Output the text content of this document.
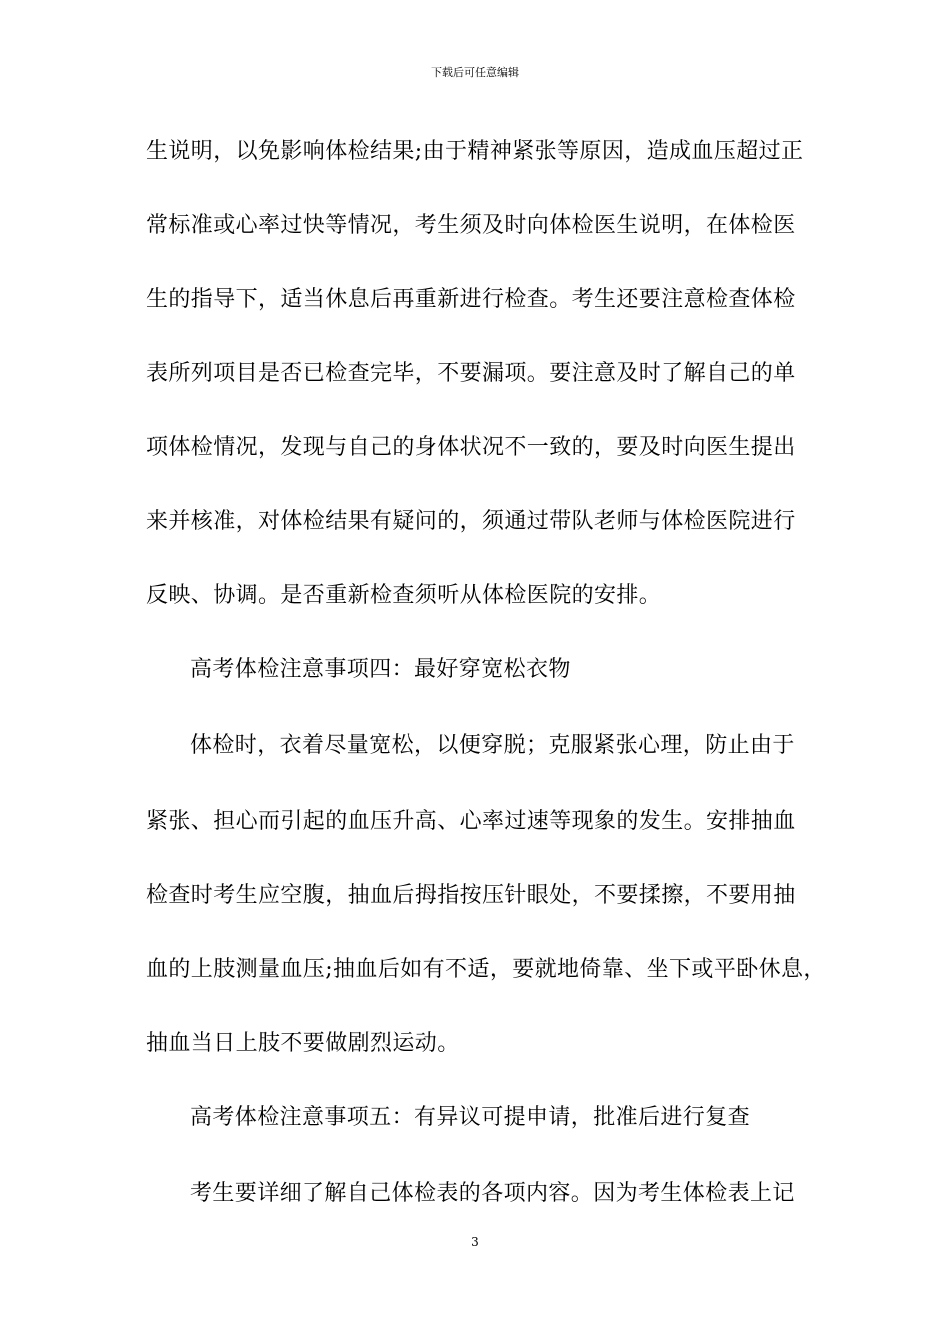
下载后可任意编辑
生说明，以免影响体检结果;由于精神紧张等原因，造成血压超过正
常标准或心率过快等情况，考生须及时向体检医生说明，在体检医
生的指导下，适当休息后再重新进行检查。考生还要注意检查体检
表所列项目是否已检查完毕，不要漏项。要注意及时了解自己的单
项体检情况，发现与自己的身体状况不一致的，要及时向医生提出
来并核准，对体检结果有疑问的，须通过带队老师与体检医院进行
反映、协调。是否重新检查须听从体检医院的安排。
高考体检注意事项四：最好穿宽松衣物
体检时，衣着尽量宽松，以便穿脱；克服紧张心理，防止由于
紧张、担心而引起的血压升高、心率过速等现象的发生。安排抽血
检查时考生应空腹，抽血后拇指按压针眼处，不要揉擦，不要用抽
血的上肢测量血压;抽血后如有不适，要就地倚靠、坐下或平卧休息，
抽血当日上肢不要做剧烈运动。
高考体检注意事项五：有异议可提申请，批准后进行复查
考生要详细了解自己体检表的各项内容。因为考生体检表上记
3
